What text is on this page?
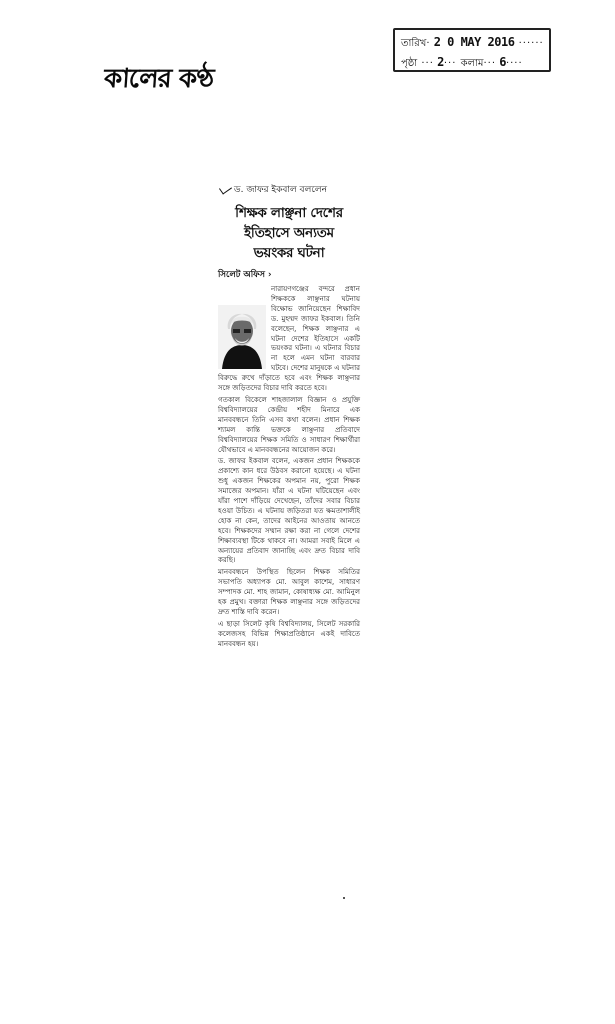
কালের কণ্ঠ
তারিখ· 2 0 MAY 2016 ······
পৃষ্ঠা ··· 2··· কলাম··· 6····
ড. জাফর ইকবাল বললেন
শিক্ষক লাঞ্ছনা দেশের
ইতিহাসে অন্যতম
ভয়ংকর ঘটনা
সিলেট অফিস ›

নারায়ণগঞ্জের বন্দরে প্রধান শিক্ষককে লাঞ্ছনার ঘটনায় বিক্ষোভ জানিয়েছেন শিক্ষাবিদ ড. মুহম্মদ জাফর ইকবাল। তিনি বলেছেন, শিক্ষক লাঞ্ছনার এ ঘটনা দেশের ইতিহাসে একটি ভয়ংকর ঘটনা। এ ঘটনার বিচার না হলে এমন ঘটনা বারবার ঘটবে। দেশের মানুষকে এ ঘটনার বিরুদ্ধে রুখে দাঁড়াতে হবে এবং শিক্ষক লাঞ্ছনার সঙ্গে জড়িতদের বিচার দাবি করতে হবে।

গতকাল বিকেলে শাহজালাল বিজ্ঞান ও প্রযুক্তি বিশ্ববিদ্যালয়ের কেন্দ্রীয় শহীদ মিনারে এক মানববন্ধনে তিনি এসব কথা বলেন। প্রধান শিক্ষক শ্যামল কান্তি ভক্তকে লাঞ্ছনার প্রতিবাদে বিশ্ববিদ্যালয়ের শিক্ষক সমিতি ও সাধারণ শিক্ষার্থীরা যৌথভাবে এ মানববন্ধনের আয়োজন করে।

ড. জাফর ইকবাল বলেন, একজন প্রধান শিক্ষককে প্রকাশ্যে কান ধরে উঠবস করানো হয়েছে। এ ঘটনা শুধু একজন শিক্ষকের অপমান নয়, পুরো শিক্ষক সমাজের অপমান। যাঁরা এ ঘটনা ঘটিয়েছেন এবং যাঁরা পাশে দাঁড়িয়ে দেখেছেন, তাঁদের সবার বিচার হওয়া উচিত। এ ঘটনায় জড়িতরা যত ক্ষমতাশালীই হোক না কেন, তাদের আইনের আওতায় আনতে হবে। শিক্ষকদের সম্মান রক্ষা করা না গেলে দেশের শিক্ষাব্যবস্থা টিকে থাকবে না। আমরা সবাই মিলে এ অন্যায়ের প্রতিবাদ জানাচ্ছি এবং দ্রুত বিচার দাবি করছি।

মানববন্ধনে উপস্থিত ছিলেন শিক্ষক সমিতির সভাপতি অধ্যাপক মো. আবুল কাশেম, সাধারণ সম্পাদক মো. শাহ জামান, কোষাধ্যক্ষ মো. আমিনুল হক প্রমুখ। বক্তারা শিক্ষক লাঞ্ছনার সঙ্গে জড়িতদের দ্রুত শাস্তি দাবি করেন।

এ ছাড়া সিলেট কৃষি বিশ্ববিদ্যালয়, সিলেট সরকারি কলেজসহ বিভিন্ন শিক্ষাপ্রতিষ্ঠানে একই দাবিতে মানববন্ধন হয়।
